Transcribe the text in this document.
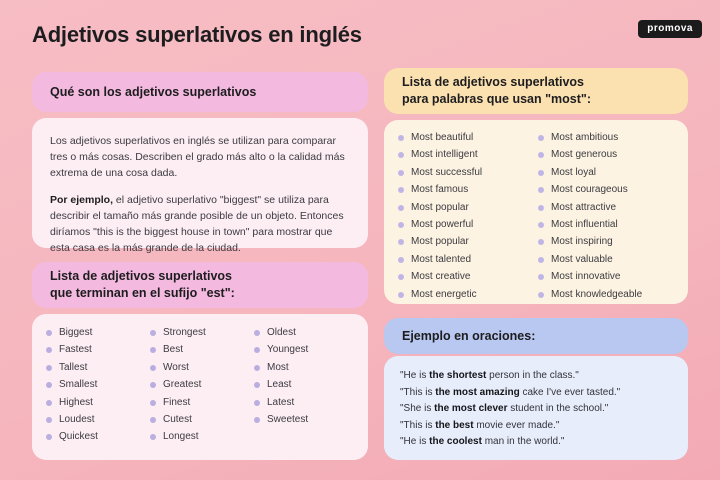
promova
Adjetivos superlativos en inglés
Qué son los adjetivos superlativos

Los adjetivos superlativos en inglés se utilizan para comparar tres o más cosas. Describen el grado más alto o la calidad más extrema de una cosa dada.

Por ejemplo, el adjetivo superlativo "biggest" se utiliza para describir el tamaño más grande posible de un objeto. Entonces diríamos "this is the biggest house in town" para mostrar que esta casa es la más grande de la ciudad.

Lista de adjetivos superlativos
que terminan en el sufijo "est":
Biggest
Fastest
Tallest
Smallest
Highest
Loudest
Quickest
Strongest
Best
Worst
Greatest
Finest
Cutest
Longest
Oldest
Youngest
Most
Least
Latest
Sweetest
Lista de adjetivos superlativos
para palabras que usan "most":
Most beautiful
Most intelligent
Most successful
Most famous
Most popular
Most powerful
Most popular
Most talented
Most creative
Most energetic
Most ambitious
Most generous
Most loyal
Most courageous
Most attractive
Most influential
Most inspiring
Most valuable
Most innovative
Most knowledgeable
Ejemplo en oraciones:
"He is the shortest person in the class."
"This is the most amazing cake I've ever tasted."
"She is the most clever student in the school."
"This is the best movie ever made."
"He is the coolest man in the world."
